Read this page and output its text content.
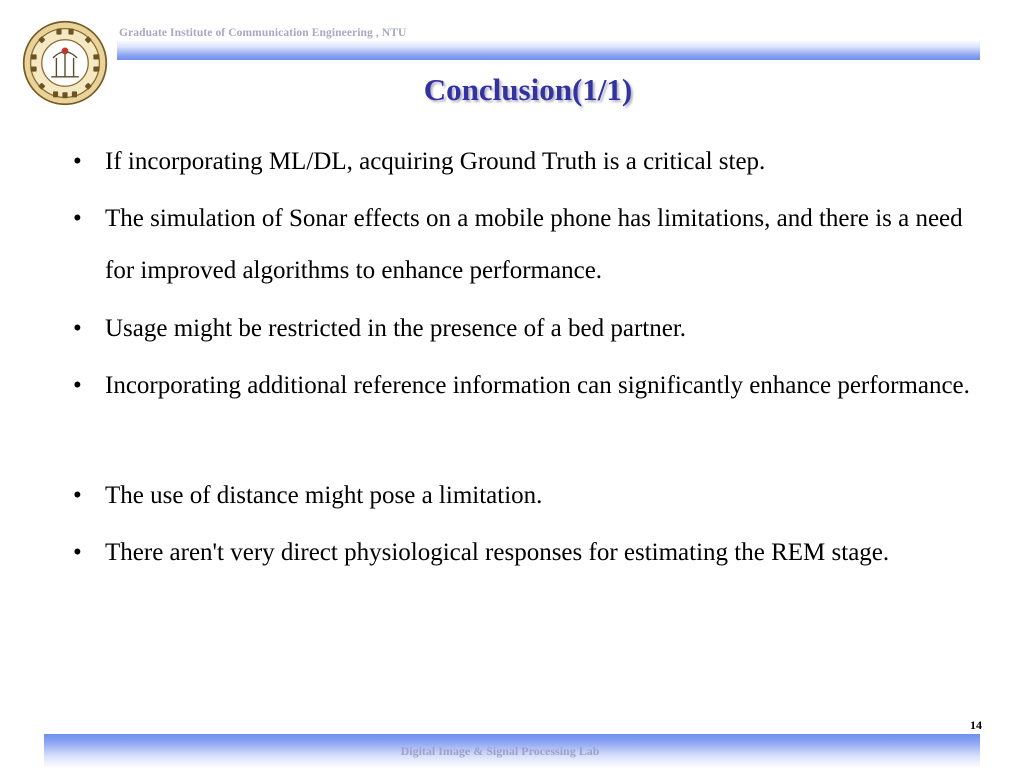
Graduate Institute of Communication Engineering , NTU
Conclusion(1/1)
• If incorporating ML/DL, acquiring Ground Truth is a critical step.
• The simulation of Sonar effects on a mobile phone has limitations, and there is a need for improved algorithms to enhance performance.
• Usage might be restricted in the presence of a bed partner.
• Incorporating additional reference information can significantly enhance performance.
• The use of distance might pose a limitation.
• There aren't very direct physiological responses for estimating the REM stage.
14
Digital Image & Signal Processing Lab
